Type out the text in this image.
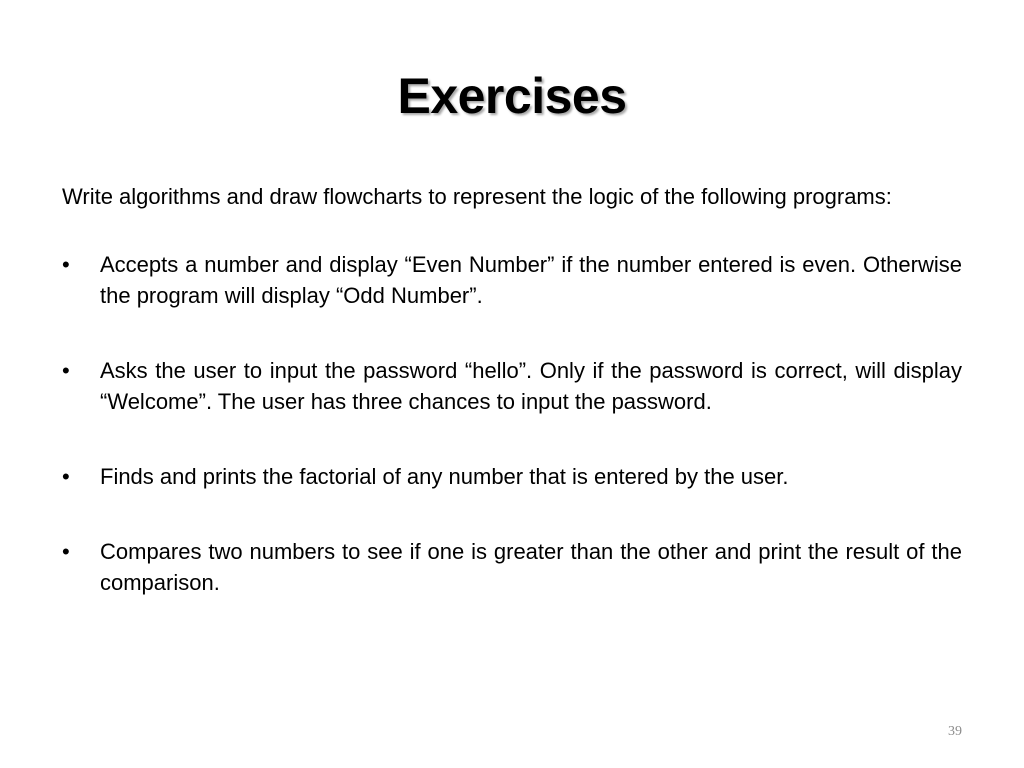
Exercises

Write algorithms and draw flowcharts to represent the logic of the following programs:

•	Accepts a number and display “Even Number” if the number entered is even. Otherwise the program will display “Odd Number”.
•	Asks the user to input the password “hello”. Only if the password is correct, will display “Welcome”. The user has three chances to input the password.
•	Finds and prints the factorial of any number that is entered by the user.
•	Compares two numbers to see if one is greater than the other and print the result of the comparison.
39
